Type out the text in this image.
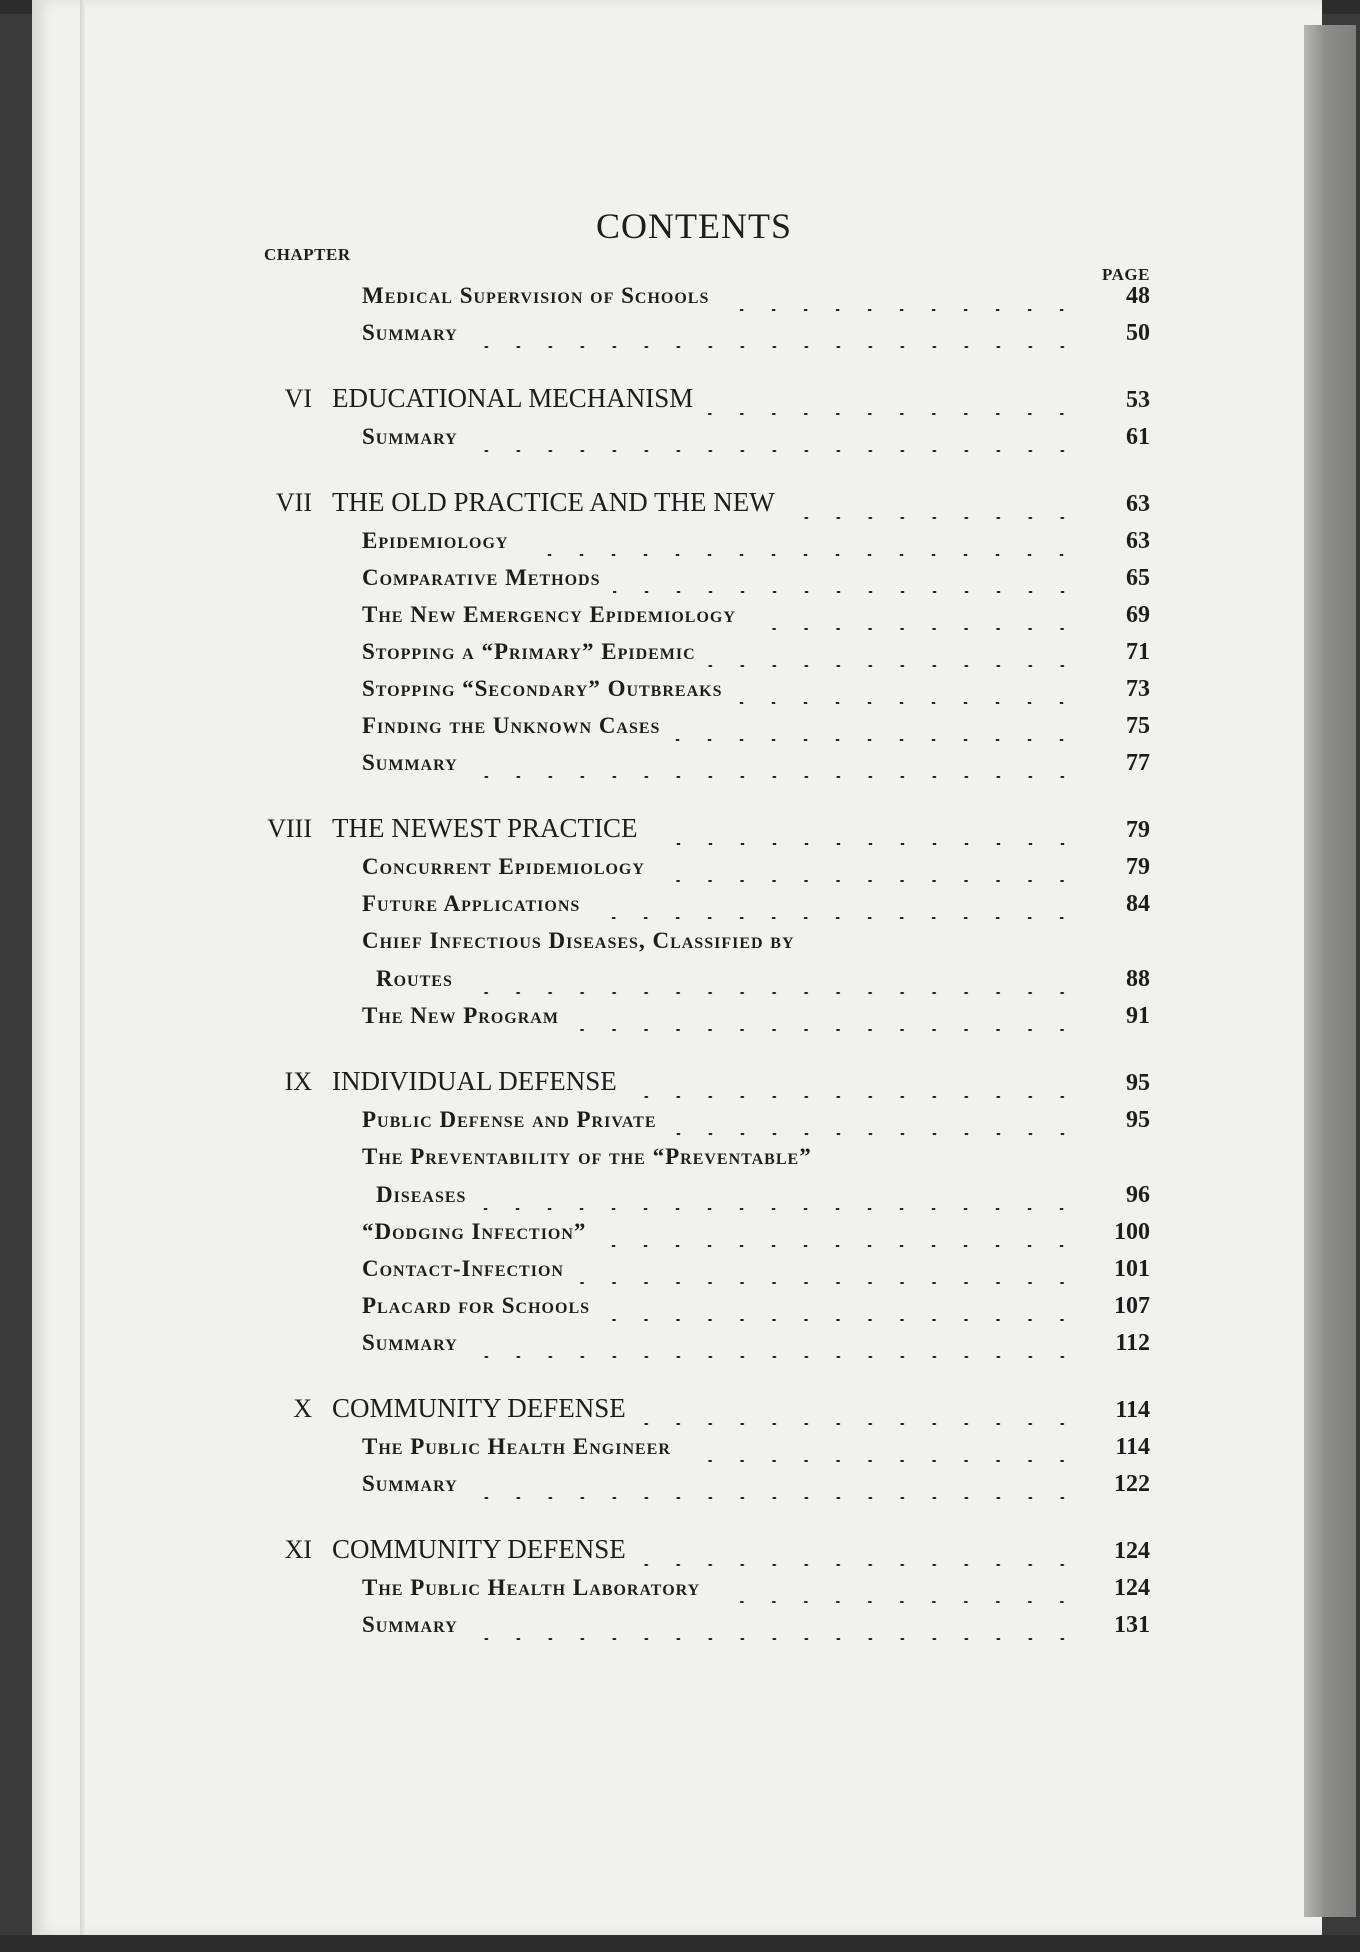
CONTENTS
CHAPTER
PAGE
Medical Supervision of Schools	48
Summary	50
VI EDUCATIONAL MECHANISM	53
Summary	61
VII THE OLD PRACTICE AND THE NEW	63
Epidemiology	63
Comparative Methods	65
The New Emergency Epidemiology	69
Stopping a “Primary” Epidemic	71
Stopping “Secondary” Outbreaks	73
Finding the Unknown Cases	75
Summary	77
VIII THE NEWEST PRACTICE	79
Concurrent Epidemiology	79
Future Applications	84
Chief Infectious Diseases, Classified by
Routes	88
The New Program	91
IX INDIVIDUAL DEFENSE	95
Public Defense and Private	95
The Preventability of the “Preventable”
Diseases	96
“Dodging Infection”	100
Contact-Infection	101
Placard for Schools	107
Summary	112
X COMMUNITY DEFENSE	114
The Public Health Engineer	114
Summary	122
XI COMMUNITY DEFENSE	124
The Public Health Laboratory	124
Summary	131
